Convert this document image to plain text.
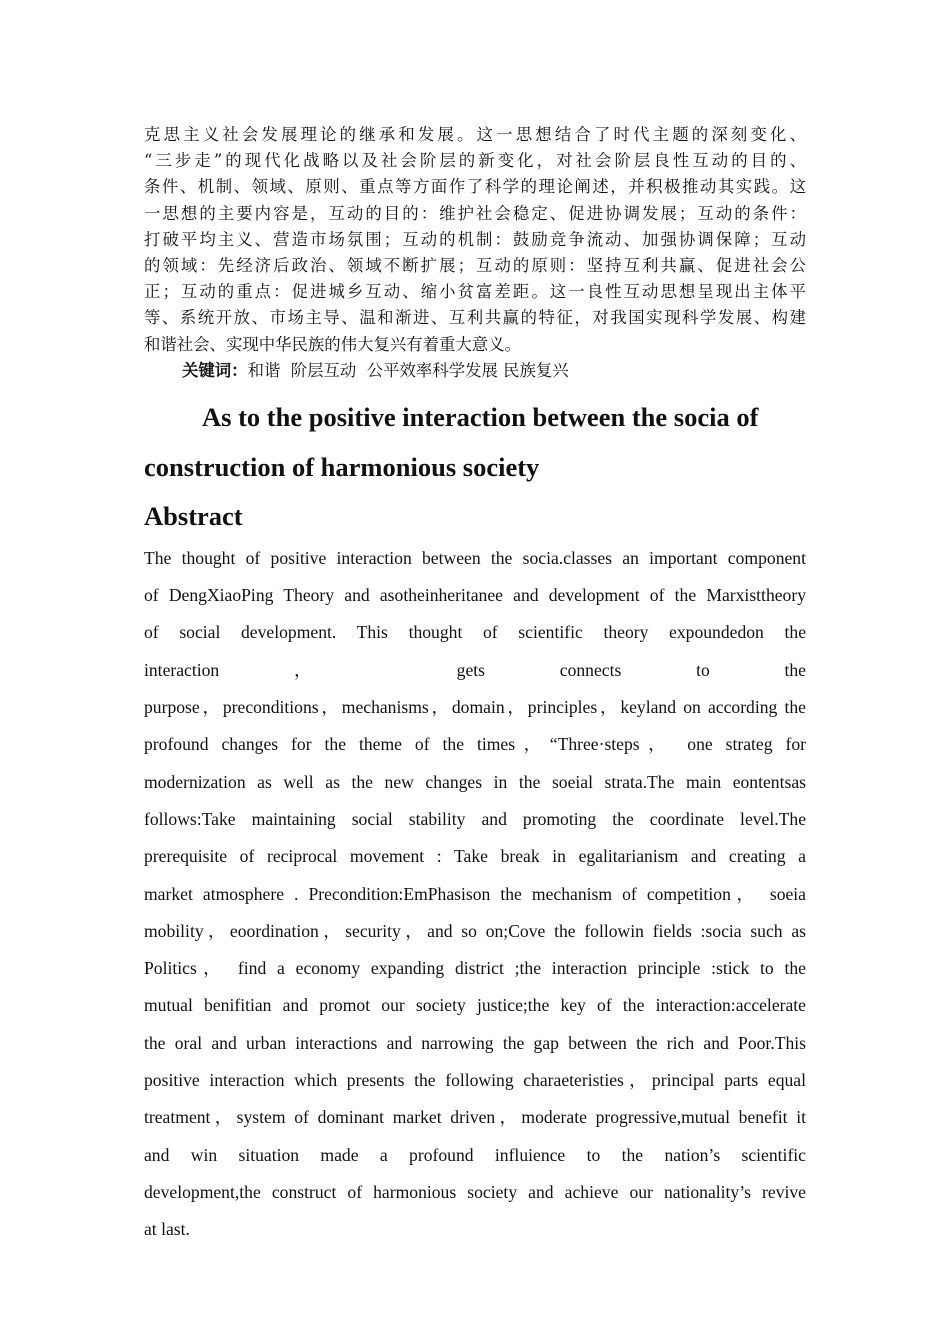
克思主义社会发展理论的继承和发展。这一思想结合了时代主题的深刻变化、
“三步走”的现代化战略以及社会阶层的新变化，对社会阶层良性互动的目的、
条件、机制、领域、原则、重点等方面作了科学的理论阐述，并积极推动其实践。这
一思想的主要内容是，互动的目的：维护社会稳定、促进协调发展；互动的条件：
打破平均主义、营造市场氛围；互动的机制：鼓励竞争流动、加强协调保障；互动
的领域：先经济后政治、领域不断扩展；互动的原则：坚持互利共赢、促进社会公
正；互动的重点：促进城乡互动、缩小贫富差距。这一良性互动思想呈现出主体平
等、系统开放、市场主导、温和渐进、互利共赢的特征，对我国实现科学发展、构建
和谐社会、实现中华民族的伟大复兴有着重大意义。

关键词：和谐  阶层互动  公平效率科学发展 民族复兴

As to the positive interaction between the socia of
construction of harmonious society
Abstract
The thought of positive interaction between the socia.classes an important component
of DengXiaoPing Theory and asotheinheritanee and development of the Marxisttheory
of social development. This thought of scientific theory expoundedon the
interaction ， gets connects to the
purpose，preconditions，mechanisms，domain，principles，keyland on according the
profound changes for the theme of the times，“Three·steps， one strateg for
modernization as well as the new changes in the soeial strata.The main eontentsas
follows:Take maintaining social stability and promoting the coordinate level.The
prerequisite of reciprocal movement : Take break in egalitarianism and creating a
market atmosphere . Precondition:EmPhasison the mechanism of competition， soeia
mobility，eoordination，security，and so on;Cove the followin fields :socia such as
Politics， find a economy expanding district ;the interaction principle :stick to the
mutual benifitian and promot our society justice;the key of the interaction:accelerate
the oral and urban interactions and narrowing the gap between the rich and Poor.This
positive interaction which presents the following charaeteristies，principal parts equal
treatment，system of dominant market driven，moderate progressive,mutual benefit it
and win situation made a profound influience to the nation’s scientific
development,the construct of harmonious society and achieve our nationality’s revive
at last.
